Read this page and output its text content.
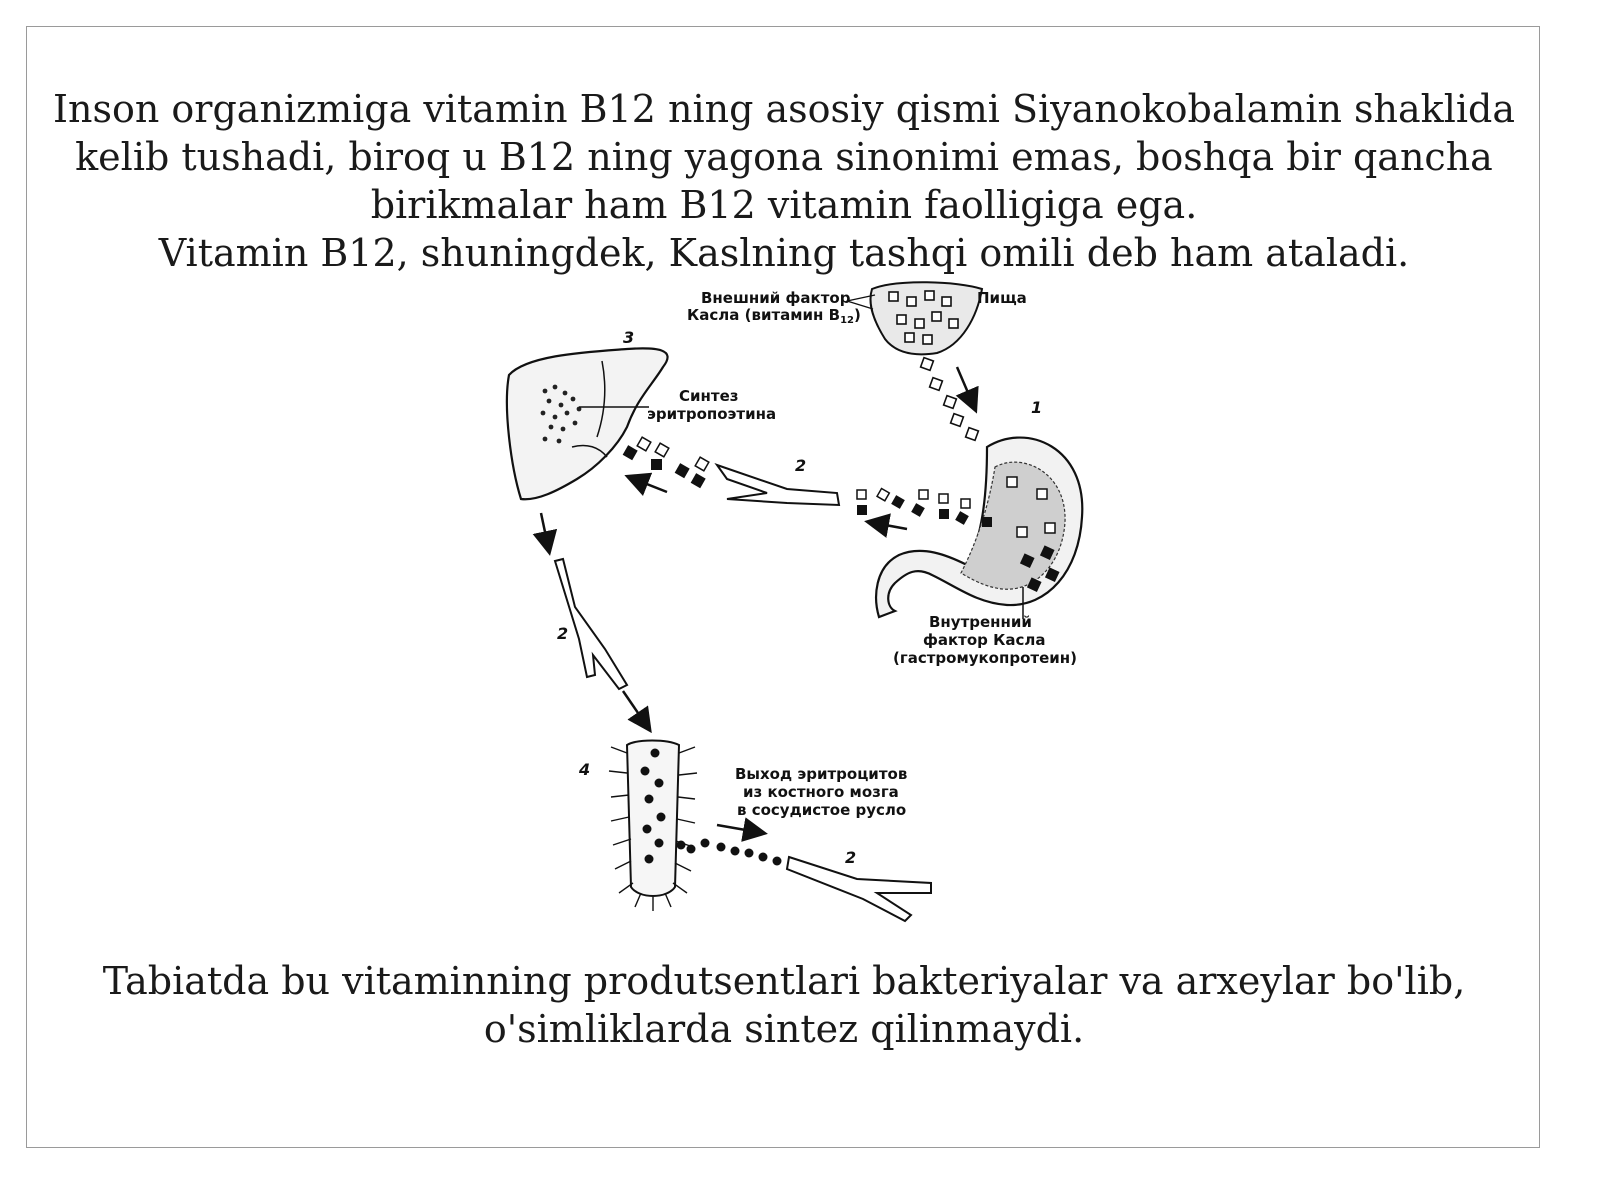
Inson organizmiga vitamin B12 ning asosiy qismi Siyanokobalamin shaklida
kelib tushadi, biroq u B12 ning yagona sinonimi emas, boshqa bir qancha
birikmalar ham B12 vitamin faolligiga ega.
Vitamin B12, shuningdek, Kaslning tashqi omili deb ham ataladi.
2
3
2
4
2
1
Внешний фактор
Касла (витамин $B_{12}$)
Пища
Синтез
эритропоэтина
Внутренний
фактор Касла
(гастромукопротеин)
Выход эритроцитов
из костного мозга
в сосудистое русло
Tabiatda bu vitaminning produtsentlari bakteriyalar va arxeylar bo'lib,
o'simliklarda sintez qilinmaydi.
